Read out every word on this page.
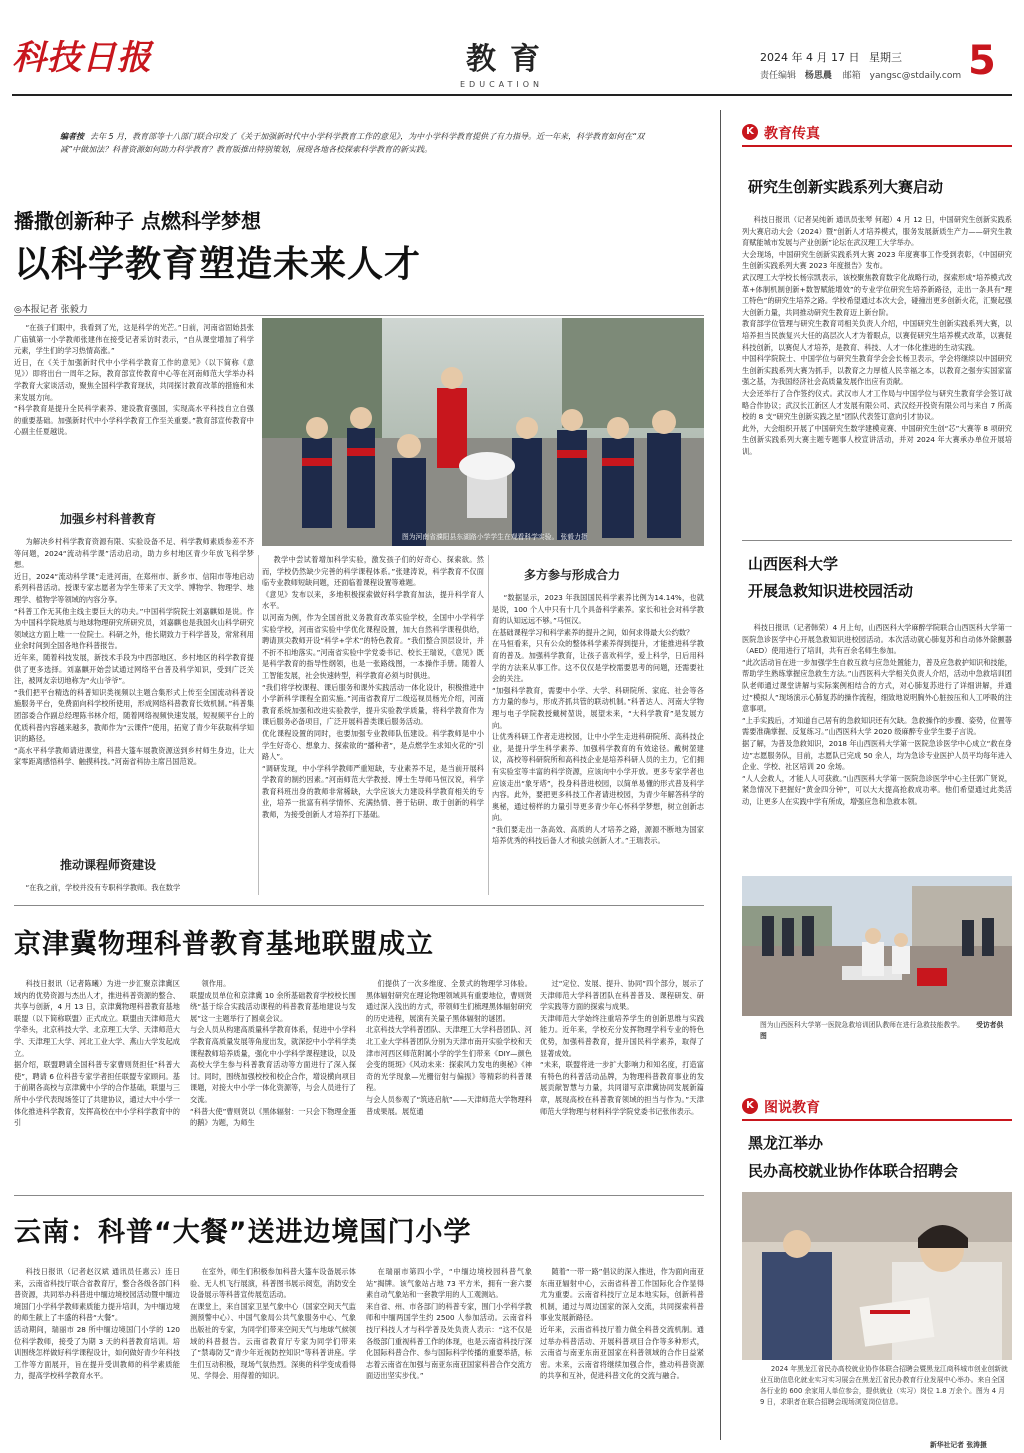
科技日报	教育
EDUCATION
2024 年 4 月 17 日 星期三
责任编辑 杨思晨 邮箱 yangsc@stdaily.com 5
编者按 去年 5 月，教育部等十八部门联合印发了《关于加强新时代中小学科学教育工作的意见》，为中小学科学教育提供了有力指导。近一年来，科学教育如何在“双减”中做加法？科普资源如何助力科学教育？教育版推出特别策划，展现各地各校探索科学教育的新实践。
播撒创新种子 点燃科学梦想
以科学教育塑造未来人才
◎本报记者 张毅力
图为河南省濮阳县东湖路小学学生在观看科学实验。 张毅力摄

“在孩子们眼中，我看到了光，这是科学的光芒。”日前，河南省固始县张广庙镇第一小学教师张建伟在接受记者采访时表示，“自从课堂增加了科学元素，学生们的学习热情高涨。”
近日，在《关于加强新时代中小学科学教育工作的意见》（以下简称《意见》）即将出台一周年之际，教育部宣传教育中心等在河南师范大学举办科学教育大家谈活动，聚焦全国科学教育现状，共同探讨教育改革的措施和未来发展方向。
“科学教育是提升全民科学素养、建设教育强国，实现高水平科技自立自强的重要基础。加强新时代中小学科学教育工作至关重要。”教育部宣传教育中心副主任夏越说。

加强乡村科普教育

为解决乡村科学教育资源有限、实验设备不足、科学教师素质参差不齐等问题，2024“流动科学课”活动启动，助力乡村地区青少年放飞科学梦想。
近日，2024“流动科学课”走进河南，在郑州市、新乡市、信阳市等地启动系列科普活动。授课专家志愿者为学生带来了天文学、博物学、物理学、地理学、植物学等领域的内容分享。
“科普工作无其他主线主要巨大的功夫。”中国科学院院士刘嘉麒如是说。作为中国科学院地质与地球物理研究所研究员，刘嘉麒也是我国火山科学研究领域这方面上唯一一位院士。科研之外，他长期致力于科学普及，常常利用业余时间到全国各地作科普报告。
近年来，随着科技发展，新技术手段为中西部地区、乡村地区的科学教育提供了更多选择。刘嘉麒开始尝试通过网络平台普及科学知识，受到广泛关注，被网友亲切地称为“火山爷爷”。
“我们把平台精选的科普知识类视频以主题合集形式上传至全国流动科普设施服务平台，免费面向科学校所使用，形成网络科普教育长效机制。”科普集团部委合作副总经理陈书林介绍，随着网络视频快速发展，短视频平台上的优质科普内容越来越多，教师作为“云课件”使用，拓宽了青少年获取科学知识的路径。
“高水平科学教师请进课堂，科普大篷车展教资源送到乡村师生身边，让大家零距离感悟科学、触摸科技。”河南省科协主席吕国范说。

推动课程师资建设

“在我之前，学校并没有专职科学教师。我在数学

教学中尝试着增加科学实验，激发孩子们的好奇心、探索欲。然而，学校仍然缺少完善的科学课程体系。”张建涛说，科学教育不仅面临专业教师短缺问题，还面临着课程设置等难题。
《意见》发布以来，多地积极探索做好科学教育加法，提升科学育人水平。
以河南为例，作为全国首批义务教育改革实验学校，全国中小学科学实验学校，河南省实验中学优化课程设置，加大自然科学课程供给，聘请顶尖教师开设“科学+学术”的特色教育。“我们整合顶层设计，并不折不扣地落实。”河南省实验中学党委书记、校长王瑞说，《意见》既是科学教育的指导性纲领，也是一张路线图，一本操作手册。随着人工智能发展，社会快速转型，科学教育必须与时俱进。
“我们将学校课程、课后服务和课外实践活动一体化设计，积极推进中小学新科学课程全面实施。”河南省教育厅二级巡视员杨光介绍，河南教育系统加强和改进实验教学，提升实验教学质量，将科学教育作为课后服务必备项目，广泛开展科普类课后服务活动。
优化课程设置的同时，也要加强专业教师队伍建设。科学教师是中小学生好奇心、想象力、探索欲的“播种者”，是点燃学生求知火花的“引路人”。
“调研发现，中小学科学教师严重短缺，专业素养不足，是当前开展科学教育的制约因素。”河南师范大学教授、博士生导师马恒汉说，科学教育科班出身的教师非常稀缺，大学应该大力建设科学教育相关的专业，培养一批富有科学情怀、充满热情、善于钻研、敢于创新的科学教师，为接受创新人才培养打下基础。

多方参与形成合力

“数据显示，2023 年我国国民科学素养比例为14.14%，也就是说，100 个人中只有十几个具备科学素养。家长和社会对科学教育的认知远远不够。”马恒汉。
在基础课程学习和科学素养的提升之间，如何求得最大公约数？
在马恒看来，只有公众的整体科学素养得到提升，才能推进科学教育的普及。加强科学教育，让孩子喜欢科学，爱上科学，日后用科学的方法来从事工作。这不仅仅是学校需要思考的问题，还需要社会的关注。
“加强科学教育，需要中小学、大学、科研院所、家庭、社会等各方力量的参与，形成齐抓共管的联动机制。”科普达人、河南大学物理与电子学院教授戴树堃说，展望未来，“大科学教育”是发展方向。
让优秀科研工作者走进校园，让中小学生走进科研院所、高科技企业，是提升学生科学素养、加强科学教育的有效途径。戴树堃建议，高校等科研院所和高科技企业是培养科研人员的主力，它们拥有实验室等丰富的科学资源，应该向中小学开放。更多专家学者也应该走出“象牙塔”，投身科普进校园，以简单易懂的形式普及科学内容。此外，要把更多科技工作者请进校园，为青少年解答科学的奥秘，通过榜样的力量引导更多青少年心怀科学梦想，树立创新志向。
“我们要走出一条高效、高质的人才培养之路，源源不断地为国家培养优秀的科技后备人才和拔尖创新人才。”王瑞表示。

京津冀物理科普教育基地联盟成立

科技日报讯（记者陈曦）为进一步汇聚京津冀区域内的优势资源与杰出人才，推进科普资源的整合、共享与创新，4 月 13 日，京津冀物理科普教育基地联盟（以下简称联盟）正式成立。联盟由天津师范大学牵头，北京科技大学、北京理工大学、天津师范大学、天津理工大学、河北工业大学、燕山大学发起成立。
据介绍，联盟聘请全国科普专家曹则贤担任“科普大使”，聘请 6 位科普专家学者担任联盟专家顾问。基于前期各高校与京津冀中小学的合作基础，联盟与三所中小学代表现场签订了共建协议，通过大中小学一体化推进科学教育，发挥高校在中小学科学教育中的引

领作用。
联盟成员单位和京津冀 10 余所基础教育学校校长围绕“基于综合实践活动课程的科普教育基地建设与发展”这一主题举行了圆桌会议。
与会人员从构建高质量科学教育体系，促进中小学科学教育高质量发展等角度出发，就深挖中小学科学类课程教师培养质量，强化中小学科学课程建设，以及高校大学生参与科普教育活动等方面进行了深入探讨。同时，围绕加强校校和校企合作，增设横向项目课题，对接大中小学一体化资源等，与会人员进行了交流。
“科普大使”曹则贤以《黑体辐射：一只会下物理金蛋的鹅》为题，为师生

们提供了一次多维度、全景式的物理学习体验。黑体辐射研究在理论物理领域具有重要地位，曹则贤通过深入浅出的方式，带领师生们梳理黑体辐射研究的历史进程，展演有关量子黑体辐射的谜团。
北京科技大学科普团队、天津理工大学科普团队、河北工业大学科普团队分别为天津市南开实验学校和天津市河西区师范附属小学的学生们带来《DIY—颜色会变的斑斑》《风动未来：探索风力发电的奥秘》《神奇的光学现象—光栅衍射与偏振》等精彩的科普课程。
与会人员参观了“筑迹启航”——天津师范大学物理科普成果展。展览通

过“定位、发展、提升、协同”四个部分，展示了天津师范大学科普团队在科普普及、课程研发、研学实践等方面的探索与成果。
天津师范大学始终注重培养学生的创新思维与实践能力。近年来，学校充分发挥物理学科专业的特色优势，加强科普教育，提升国民科学素养，取得了显著成效。
“未来，联盟将进一步扩大影响力和知名度，打造富有特色的科普活动品牌，为物理科普教育事业的发展贡献智慧与力量，共同谱写京津冀协同发展新篇章，展现高校在科普教育领域的担当与作为。”天津师范大学物理与材料科学学院党委书记张伟表示。

云南：科普“大餐”送进边境国门小学

科技日报讯（记者赵汉斌 通讯员任惠云）连日来，云南省科技厅联合省教育厅，整合各级各部门科普资源，共同举办科普进中缅边境校园活动暨中缅边境国门小学科学教师素质能力提升培训，为中缅边境的师生献上了丰盛的科普“大餐”。
活动期间，瑞丽市 28 所中缅边境国门小学的 120 位科学教师，接受了为期 3 天的科普教育培训。培训围绕怎样做好科学课程设计，如何做好青少年科技工作等方面展开，旨在提升受训教师的科学素质能力，提高学校科学教育水平。

在室外，师生们积极参加科普大篷车设备展示体验、无人机飞行展演，科普图书展示阅览，消防安全设备展示等科普宣传展览活动。
在课堂上，来自国家卫星气象中心（国家空间天气监测预警中心）、中国气象局公共气象服务中心、气象出版社的专家，为同学们带来空间天气与地球气候领域的科普报告。云南省教育厅专家为同学们带来了“禁毒防艾”青少年近视防控知识”等科普讲座。学生们互动积极，现场气氛热烈。深奥的科学变成看得见、学得会、用得着的知识。

在瑞丽市第四小学，“中缅边境校园科普气象站”揭牌。该气象站占地 73 平方米，拥有一套六要素自动气象站和一套教学用的人工观测站。
来自省、州、市各部门的科普专家，围门小学科学教师和中缅两国学生约 2500 人参加活动。云南省科技厅科技人才与科学普及处负责人表示：“这不仅是各级部门重视科普工作的体现，也是云南省科技厅深化国际科普合作、参与国际科学传播的重要举措，标志着云南省在加强与南亚东南亚国家科普合作交流方面迈出坚实步伐。”

随着“一带一路”倡议的深入推进，作为面向南亚东南亚辐射中心，云南省科普工作国际化合作显得尤为重要。云南省科技厅立足本地实际，创新科普机制，通过与周边国家的深入交流，共同探索科普事业发展新路径。
近年来，云南省科技厅着力做全科普交流机制。通过举办科普活动、开展科普项目合作等多种形式，云南省与南亚东南亚国家在科普领域的合作日益紧密。未来，云南省将继续加强合作，推动科普资源的共享和互补，促进科普文化的交流与融合。

K 教育传真
研究生创新实践系列大赛启动

科技日报讯（记者吴纯新 通讯员张琴 何超）4 月 12 日，中国研究生创新实践系列大赛启动大会（2024）暨“创新人才培养模式，服务发展新质生产力——研究生教育赋能城市发展与产业创新”论坛在武汉理工大学举办。
大会现场，中国研究生创新实践系列大赛 2023 年度赛事工作受到表彰，《中国研究生创新实践系列大赛 2023 年度报告》发布。
武汉理工大学校长杨宗凯表示，该校聚焦教育数字化战略行动，探索形成“培养模式改革+体制机制创新+数智赋能增效”的专业学位研究生培养新路径，走出一条具有“理工特色”的研究生培养之路。学校希望通过本次大会，碰撞出更多创新火花，汇聚起强大创新力量，共同推动研究生教育迈上新台阶。
教育部学位管理与研究生教育司相关负责人介绍，中国研究生创新实践系列大赛，以培养担当民族复兴大任的高层次人才为着眼点，以赛促研究生培养模式改革，以赛促科技创新，以赛促人才培养，是教育、科技、人才一体化推进的生动实践。
中国科学院院士、中国学位与研究生教育学会会长杨卫表示，学会将继续以中国研究生创新实践系列大赛为抓手，以教育之力厚植人民幸福之本，以教育之强夯实国家富强之基，为我国经济社会高质量发展作出应有贡献。
大会还举行了合作签约仪式。武汉市人才工作局与中国学位与研究生教育学会签订战略合作协议；武汉长江新区人才发展有限公司、武汉经开投资有限公司与来自 7 所高校的 8 支“研究生创新实践之星”团队代表签订意向引才协议。
此外，大会组织开展了中国研究生数学建模竞赛、中国研究生创“芯”大赛等 8 项研究生创新实践系列大赛主题专题事人校宣讲活动，并对 2024 年大赛承办单位开展培训。

山西医科大学
开展急救知识进校园活动

科技日报讯（记者韩荣）4 月上旬，山西医科大学麻醉学院联合山西医科大学第一医院急诊医学中心开展急救知识进校园活动。本次活动就心肺复苏和自动体外除颤器（AED）使用进行了培训，共有百余名师生参加。
“此次活动旨在进一步加强学生自救互救与应急处置能力，普及应急救护知识和技能，帮助学生熟练掌握应急救生方法。”山西医科大学相关负责人介绍，活动中急救培训团队老师通过课堂讲解与实际案例相结合的方式，对心肺复苏进行了详细讲解，并通过“模拟人”现场演示心肺复苏的操作流程，细致地说明胸外心脏按压和人工呼吸的注意事项。
“上手实践后，才知道自己居有的急救知识还有欠缺。急救操作的步骤、姿势，位置等需要准确掌握、反复练习。”山西医科大学 2020 级麻醉专业学生要子言说。
据了解，为普及急救知识，2018 年山西医科大学第一医院急诊医学中心成立“救在身边”志愿服务队，目前，志愿队已完成 50 余人，均为急诊专业医护人员平均每年进入企业、学校、社区培训 20 余场。
“人人会救人，才能人人可获救。”山西医科大学第一医院急诊医学中心主任郭广贤说，紧急情况下把握好“黄金四分钟”，可以大大提高抢救成功率。他们希望通过此类活动，让更多人在实践中学有所成，增强应急和急救本领。

图为山西医科大学第一医院急救培训团队教师在进行急救技能教学。 受访者供图
K 图说教育
黑龙江举办
民办高校就业协作体联合招聘会
2024 年黑龙江省民办高校就业协作体联合招聘会暨黑龙江商科城市创业创新就业互助信息化就业实习实习展会在黑龙江省民办教育行业发展中心举办。来自全国各行业的 600 余家用人单位参会，提供就业（实习）岗位 1.8 万余个。图为 4 月 9 日，求职者在联合招聘会现场浏览岗位信息。
新华社记者 张涛摄
